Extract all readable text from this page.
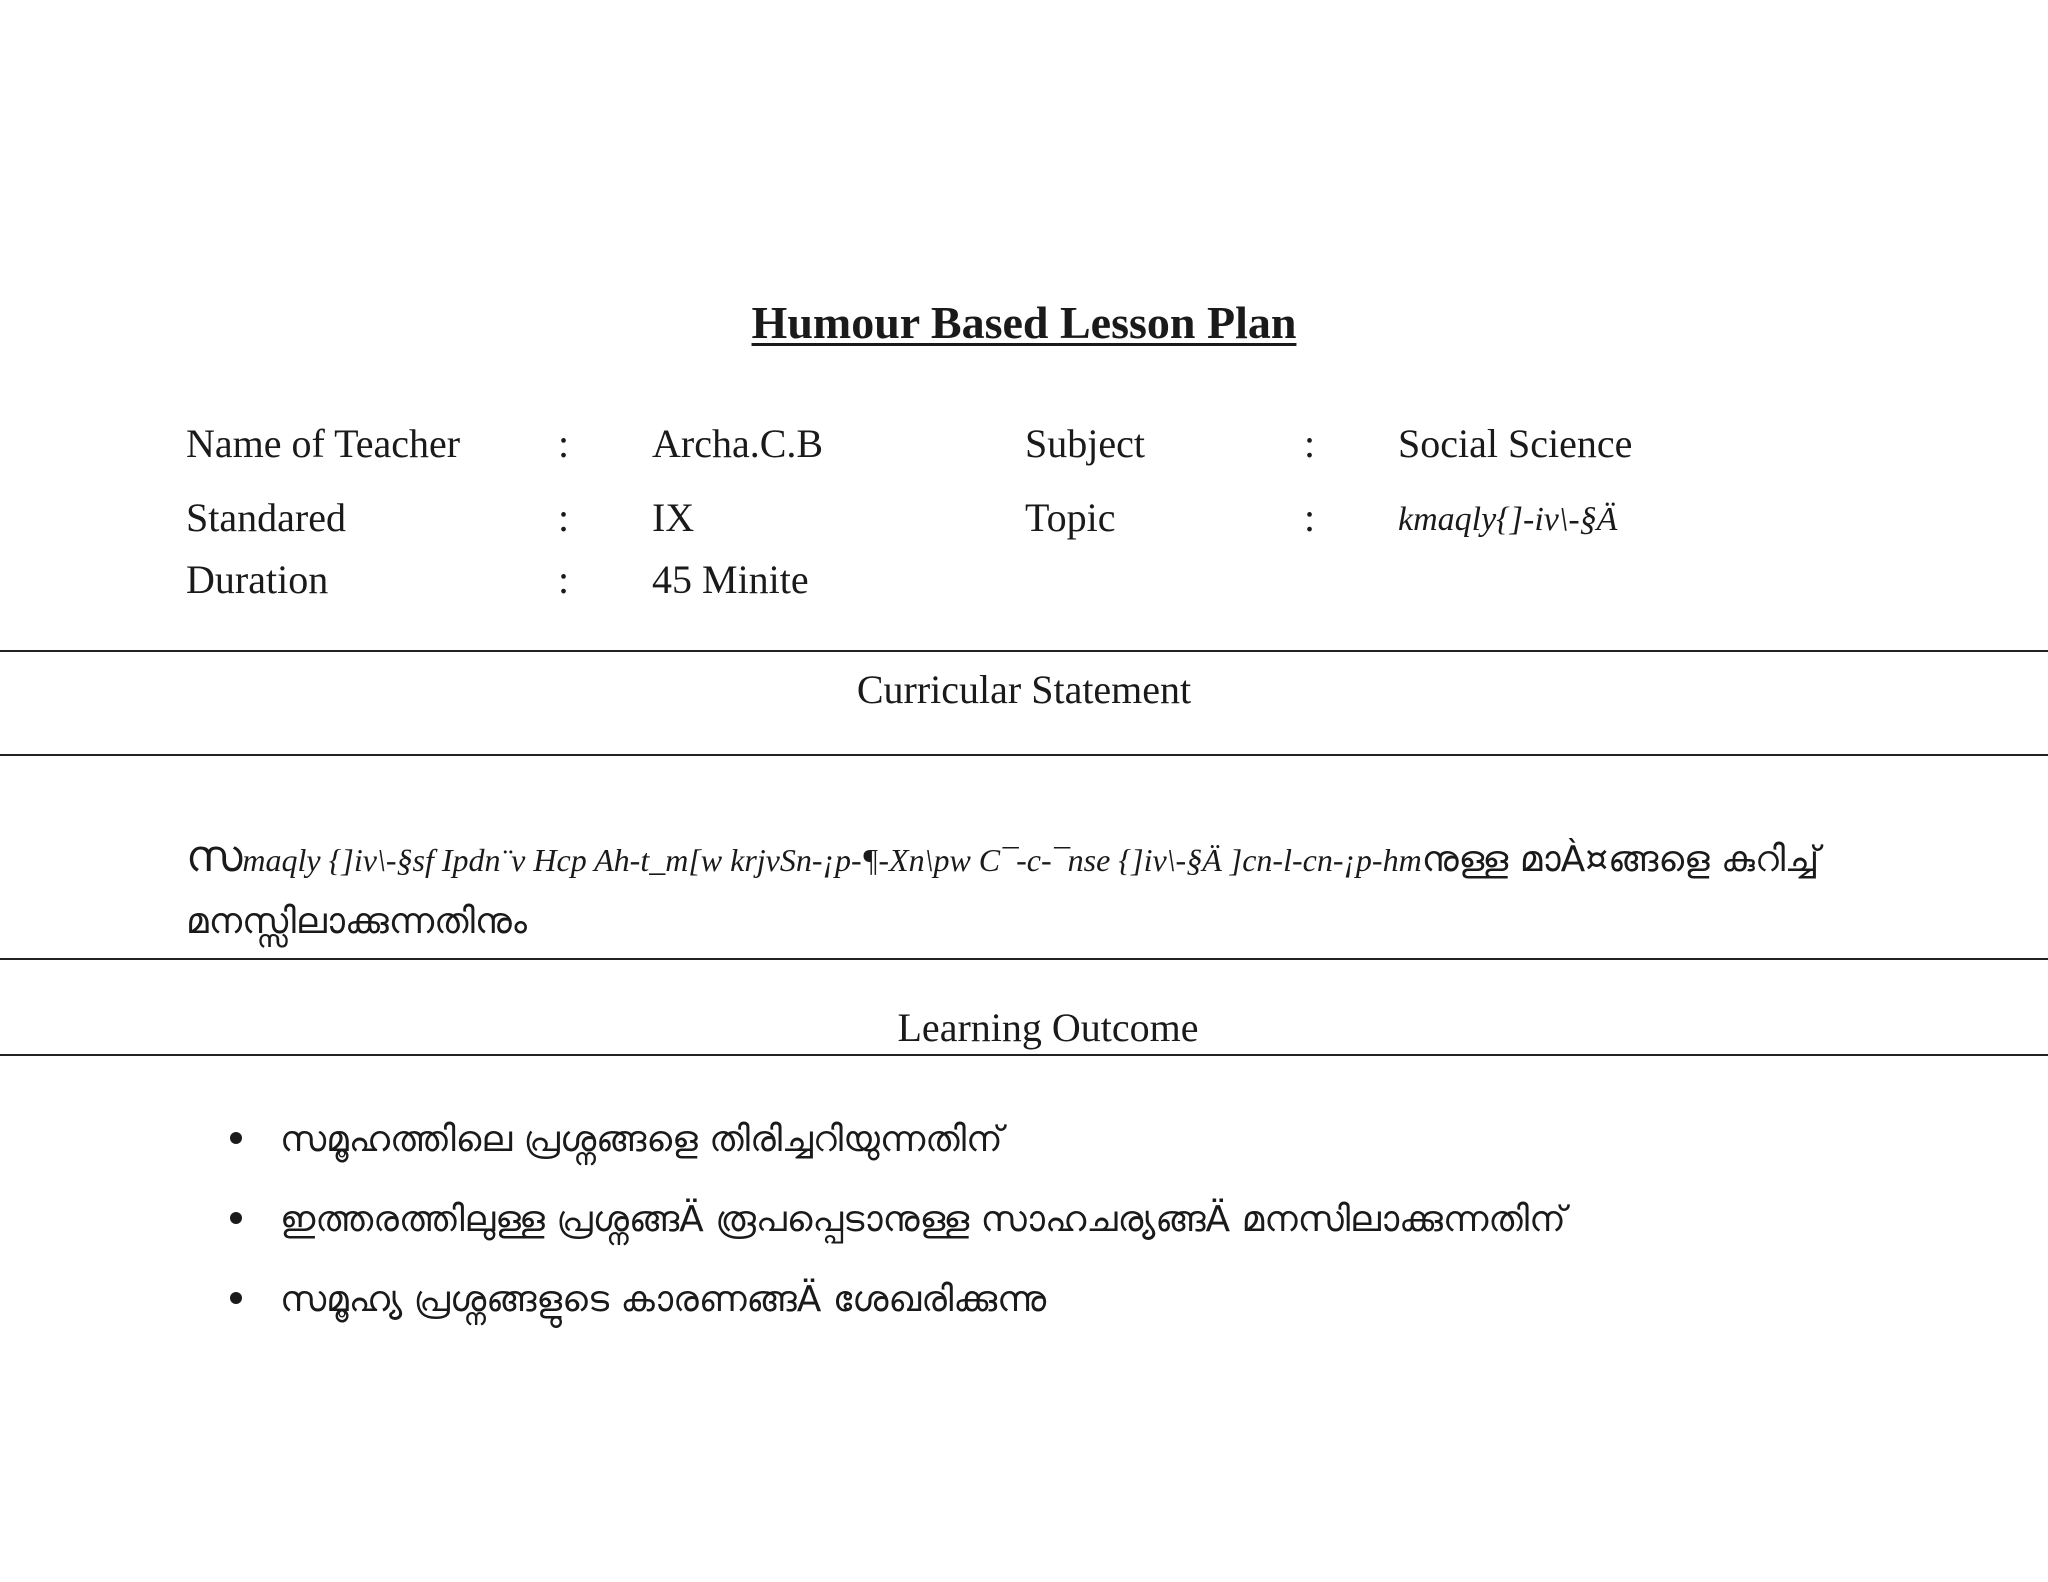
Humour Based Lesson Plan
Name of Teacher : Archa.C.B	Subject	: Social Science
Standared	: IX	Topic	: kmaqly{]-iv\-§Ä
Duration	: 45 Minite
Curricular Statement
സmaqly {]iv\-§sf Ipdn¨v Hcp Ah-t_m[w krjvSn-¡p-¶-Xn\pw C¯-c-¯nse {]iv\-§Ä ]cn-l-cn-¡p-hmനുള്ള മാÀ¤ങ്ങളെ കുറിച്ച്
മനസ്സിലാക്കുന്നതിനും
Learning Outcome
സമൂഹത്തിലെ പ്രശ്നങ്ങളെ തിരിച്ചറിയുന്നതിന്
ഇത്തരത്തിലുള്ള പ്രശ്നങ്ങÄ രൂപപ്പെടാനുള്ള സാഹചര്യങ്ങÄ മനസിലാക്കുന്നതിന്
സമൂഹ്യ പ്രശ്നങ്ങളുടെ കാരണങ്ങÄ ശേഖരിക്കുന്നു
